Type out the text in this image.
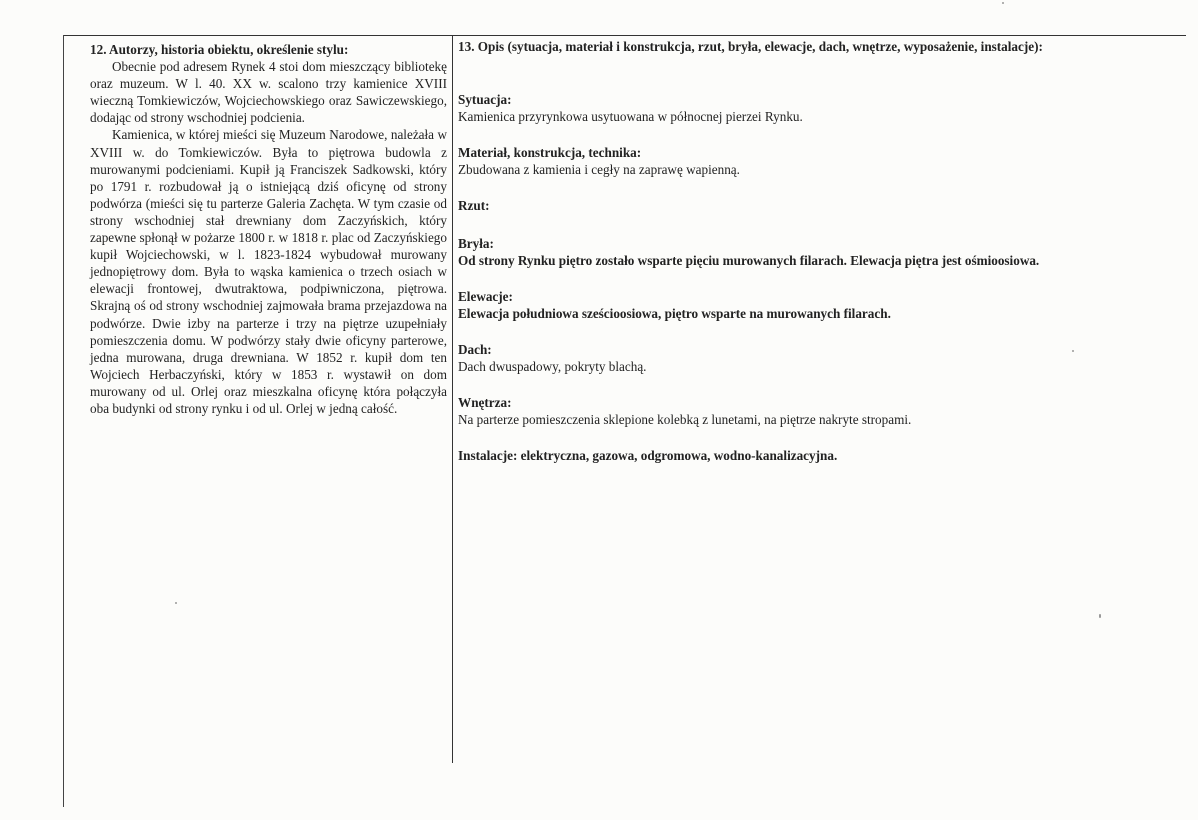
12. Autorzy, historia obiektu, określenie stylu:

Obecnie pod adresem Rynek 4 stoi dom mieszczący bibliotekę oraz muzeum. W l. 40. XX w. scalono trzy kamienice XVIII wieczną Tomkiewiczów, Wojciechowskiego oraz Sawiczewskiego, dodając od strony wschodniej podcienia.

Kamienica, w której mieści się Muzeum Narodowe, należała w XVIII w. do Tomkiewiczów. Była to piętrowa budowla z murowanymi podcieniami. Kupił ją Franciszek Sadkowski, który po 1791 r. rozbudował ją o istniejącą dziś oficynę od strony podwórza (mieści się tu parterze Galeria Zachęta. W tym czasie od strony wschodniej stał drewniany dom Zaczyńskich, który zapewne spłonął w pożarze 1800 r. w 1818 r. plac od Zaczyńskiego kupił Wojciechowski, w l. 1823-1824 wybudował murowany jednopiętrowy dom. Była to wąska kamienica o trzech osiach w elewacji frontowej, dwutraktowa, podpiwniczona, piętrowa. Skrajną oś od strony wschodniej zajmowała brama przejazdowa na podwórze. Dwie izby na parterze i trzy na piętrze uzupełniały pomieszczenia domu. W podwórzy stały dwie oficyny parterowe, jedna murowana, druga drewniana. W 1852 r. kupił dom ten Wojciech Herbaczyński, który w 1853 r. wystawił on dom murowany od ul. Orlej oraz mieszkalna oficynę która połączyła oba budynki od strony rynku i od ul. Orlej w jedną całość.

13. Opis (sytuacja, materiał i konstrukcja, rzut, bryła, elewacje, dach, wnętrze, wyposażenie, instalacje):
Sytuacja:
Kamienica przyrynkowa usytuowana w północnej pierzei Rynku.
Materiał, konstrukcja, technika:
Zbudowana z kamienia i cegły na zaprawę wapienną.
Rzut:
Bryła:
Od strony Rynku piętro zostało wsparte pięciu murowanych filarach. Elewacja piętra jest ośmioosiowa.
Elewacje:
Elewacja południowa sześcioosiowa, piętro wsparte na murowanych filarach.
Dach:
Dach dwuspadowy, pokryty blachą.
Wnętrza:
Na parterze pomieszczenia sklepione kolebką z lunetami, na piętrze nakryte stropami.
Instalacje: elektryczna, gazowa, odgromowa, wodno-kanalizacyjna.
